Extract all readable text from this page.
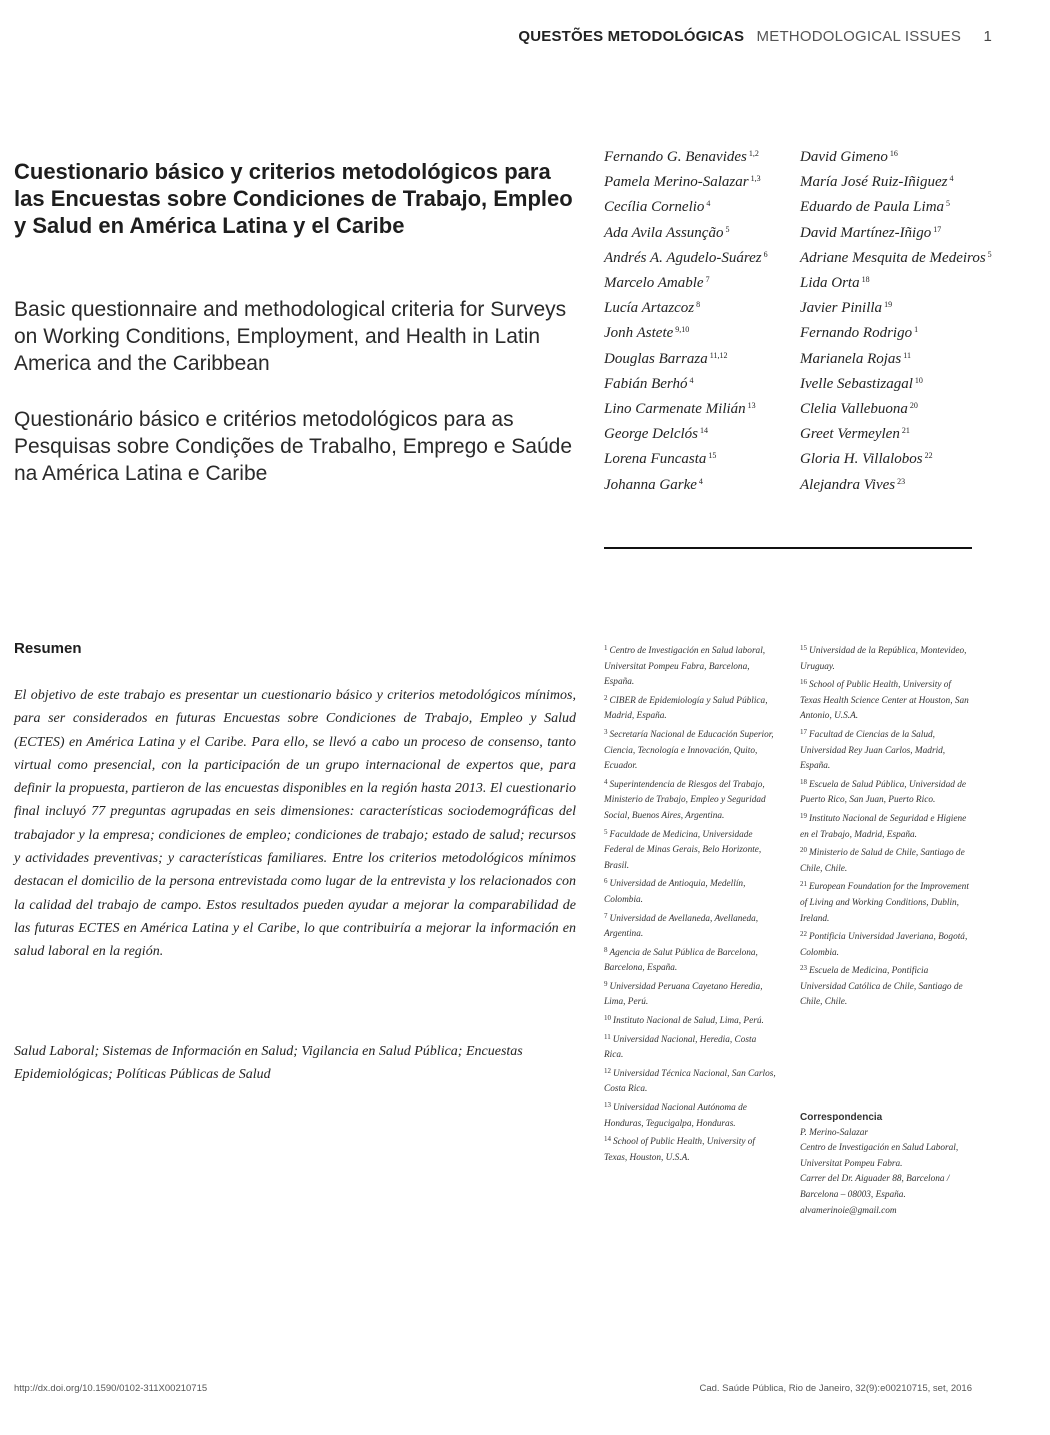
QUESTÕES METODOLÓGICAS METHODOLOGICAL ISSUES 1
Cuestionario básico y criterios metodológicos para las Encuestas sobre Condiciones de Trabajo, Empleo y Salud en América Latina y el Caribe
Basic questionnaire and methodological criteria for Surveys on Working Conditions, Employment, and Health in Latin America and the Caribbean
Questionário básico e critérios metodológicos para as Pesquisas sobre Condições de Trabalho, Emprego e Saúde na América Latina e Caribe
Fernando G. Benavides $^{1,2}$
Pamela Merino-Salazar $^{1,3}$
Cecília Cornelio $^4$
Ada Avila Assunção $^5$
Andrés A. Agudelo-Suárez $^6$
Marcelo Amable $^7$
Lucía Artazcoz $^8$
Jonh Astete $^{9,10}$
Douglas Barraza $^{11,12}$
Fabián Berhó $^4$
Lino Carmenate Milián $^{13}$
George Delclós $^{14}$
Lorena Funcasta $^{15}$
Johanna Garke $^4$
David Gimeno $^{16}$
María José Ruiz-Iñiguez $^4$
Eduardo de Paula Lima $^5$
David Martínez-Iñigo $^{17}$
Adriane Mesquita de Medeiros $^5$
Lida Orta $^{18}$
Javier Pinilla $^{19}$
Fernando Rodrigo $^1$
Marianela Rojas $^{11}$
Ivelle Sebastizagal $^{10}$
Clelia Vallebuona $^{20}$
Greet Vermeylen $^{21}$
Gloria H. Villalobos $^{22}$
Alejandra Vives $^{23}$
Resumen
El objetivo de este trabajo es presentar un cuestionario básico y criterios metodológicos mínimos, para ser considerados en futuras Encuestas sobre Condiciones de Trabajo, Empleo y Salud (ECTES) en América Latina y el Caribe. Para ello, se llevó a cabo un proceso de consenso, tanto virtual como presencial, con la participación de un grupo internacional de expertos que, para definir la propuesta, partieron de las encuestas disponibles en la región hasta 2013. El cuestionario final incluyó 77 preguntas agrupadas en seis dimensiones: características sociodemográficas del trabajador y la empresa; condiciones de empleo; condiciones de trabajo; estado de salud; recursos y actividades preventivas; y características familiares. Entre los criterios metodológicos mínimos destacan el domicilio de la persona entrevistada como lugar de la entrevista y los relacionados con la calidad del trabajo de campo. Estos resultados pueden ayudar a mejorar la comparabilidad de las futuras ECTES en América Latina y el Caribe, lo que contribuiría a mejorar la información en salud laboral en la región.
Salud Laboral; Sistemas de Información en Salud; Vigilancia en Salud Pública; Encuestas Epidemiológicas; Políticas Públicas de Salud

$^1$ Centro de Investigación en Salud laboral, Universitat Pompeu Fabra, Barcelona, España.

$^2$ CIBER de Epidemiología y Salud Pública, Madrid, España.

$^3$ Secretaría Nacional de Educación Superior, Ciencia, Tecnología e Innovación, Quito, Ecuador.

$^4$ Superintendencia de Riesgos del Trabajo, Ministerio de Trabajo, Empleo y Seguridad Social, Buenos Aires, Argentina.

$^5$ Faculdade de Medicina, Universidade Federal de Minas Gerais, Belo Horizonte, Brasil.

$^6$ Universidad de Antioquia, Medellín, Colombia.

$^7$ Universidad de Avellaneda, Avellaneda, Argentina.

$^8$ Agencia de Salut Pública de Barcelona, Barcelona, España.

$^9$ Universidad Peruana Cayetano Heredia, Lima, Perú.

$^{10}$ Instituto Nacional de Salud, Lima, Perú.

$^{11}$ Universidad Nacional, Heredia, Costa Rica.

$^{12}$ Universidad Técnica Nacional, San Carlos, Costa Rica.

$^{13}$ Universidad Nacional Autónoma de Honduras, Tegucigalpa, Honduras.

$^{14}$ School of Public Health, University of Texas, Houston, U.S.A.

$^{15}$ Universidad de la República, Montevideo, Uruguay.

$^{16}$ School of Public Health, University of Texas Health Science Center at Houston, San Antonio, U.S.A.

$^{17}$ Facultad de Ciencias de la Salud, Universidad Rey Juan Carlos, Madrid, España.

$^{18}$ Escuela de Salud Pública, Universidad de Puerto Rico, San Juan, Puerto Rico.

$^{19}$ Instituto Nacional de Seguridad e Higiene en el Trabajo, Madrid, España.

$^{20}$ Ministerio de Salud de Chile, Santiago de Chile, Chile.

$^{21}$ European Foundation for the Improvement of Living and Working Conditions, Dublin, Ireland.

$^{22}$ Pontificia Universidad Javeriana, Bogotá, Colombia.

$^{23}$ Escuela de Medicina, Pontificia Universidad Católica de Chile, Santiago de Chile, Chile.

Correspondencia
P. Merino-Salazar
Centro de Investigación en Salud Laboral, Universitat Pompeu Fabra.
Carrer del Dr. Aiguader 88, Barcelona / Barcelona – 08003, España.
alvamerinoie@gmail.com
http://dx.doi.org/10.1590/0102-311X00210715	Cad. Saúde Pública, Rio de Janeiro, 32(9):e00210715, set, 2016
